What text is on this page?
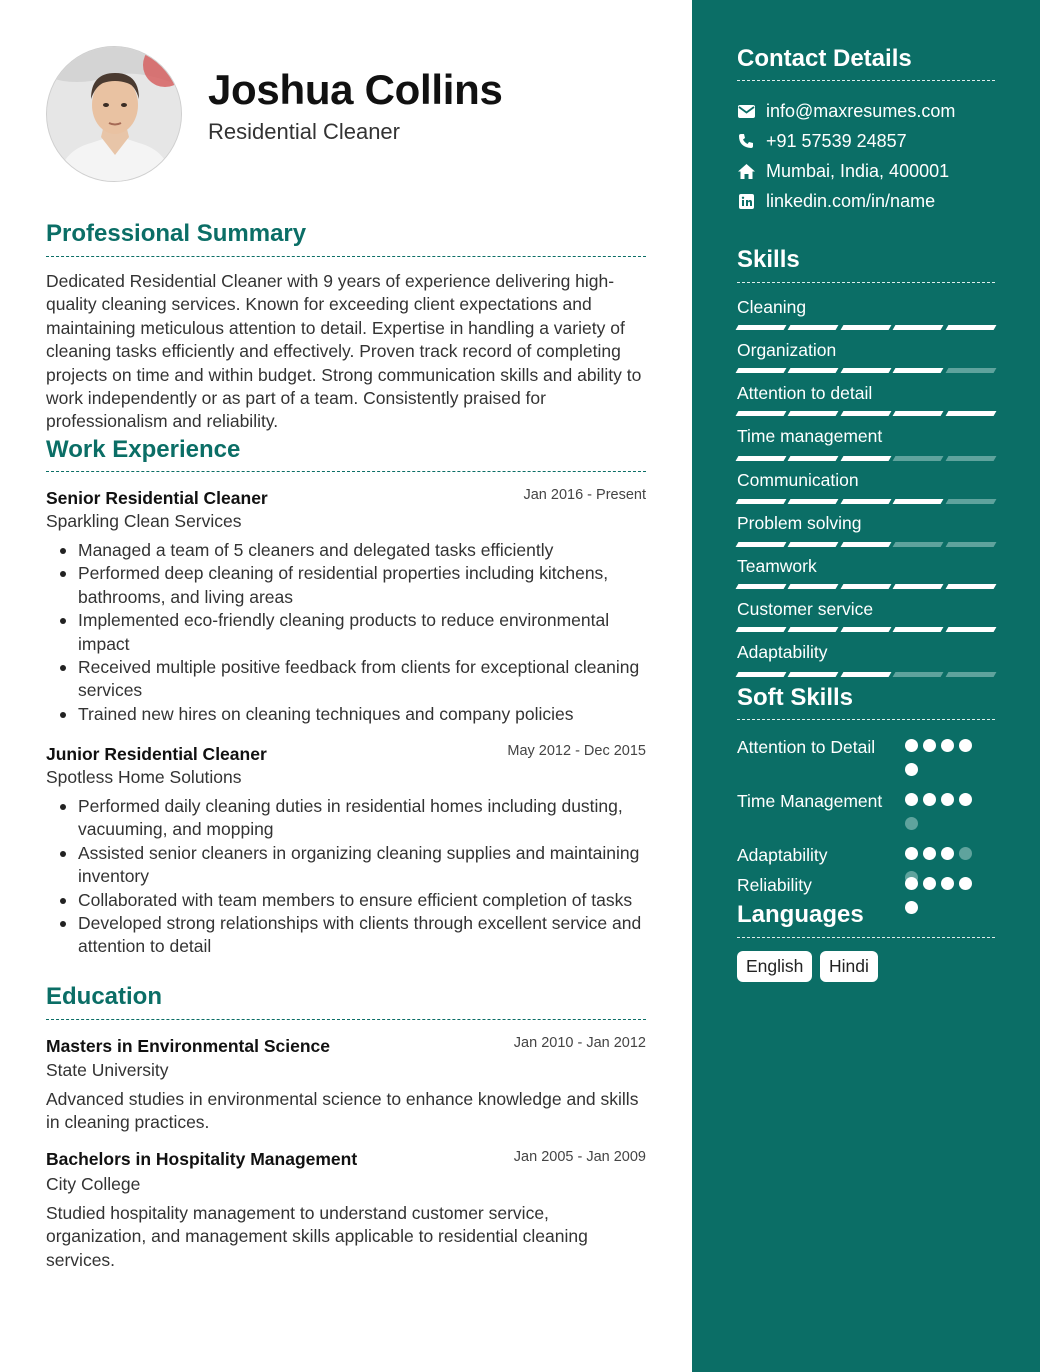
Joshua Collins
Residential Cleaner
Professional Summary
Dedicated Residential Cleaner with 9 years of experience delivering high-quality cleaning services. Known for exceeding client expectations and maintaining meticulous attention to detail. Expertise in handling a variety of cleaning tasks efficiently and effectively. Proven track record of completing projects on time and within budget. Strong communication skills and ability to work independently or as part of a team. Consistently praised for professionalism and reliability.
Work Experience
Senior Residential Cleaner	Jan 2016 - Present
Sparkling Clean Services
Managed a team of 5 cleaners and delegated tasks efficiently
Performed deep cleaning of residential properties including kitchens, bathrooms, and living areas
Implemented eco-friendly cleaning products to reduce environmental impact
Received multiple positive feedback from clients for exceptional cleaning services
Trained new hires on cleaning techniques and company policies
Junior Residential Cleaner	May 2012 - Dec 2015
Spotless Home Solutions
Performed daily cleaning duties in residential homes including dusting, vacuuming, and mopping
Assisted senior cleaners in organizing cleaning supplies and maintaining inventory
Collaborated with team members to ensure efficient completion of tasks
Developed strong relationships with clients through excellent service and attention to detail
Education
Masters in Environmental Science	Jan 2010 - Jan 2012
State University
Advanced studies in environmental science to enhance knowledge and skills in cleaning practices.
Bachelors in Hospitality Management	Jan 2005 - Jan 2009
City College
Studied hospitality management to understand customer service, organization, and management skills applicable to residential cleaning services.
Contact Details
info@maxresumes.com
+91 57539 24857
Mumbai, India, 400001
linkedin.com/in/name
Skills
Cleaning
Organization
Attention to detail
Time management
Communication
Problem solving
Teamwork
Customer service
Adaptability
Soft Skills
Attention to Detail
Time Management
Adaptability
Reliability
Languages
English	Hindi
